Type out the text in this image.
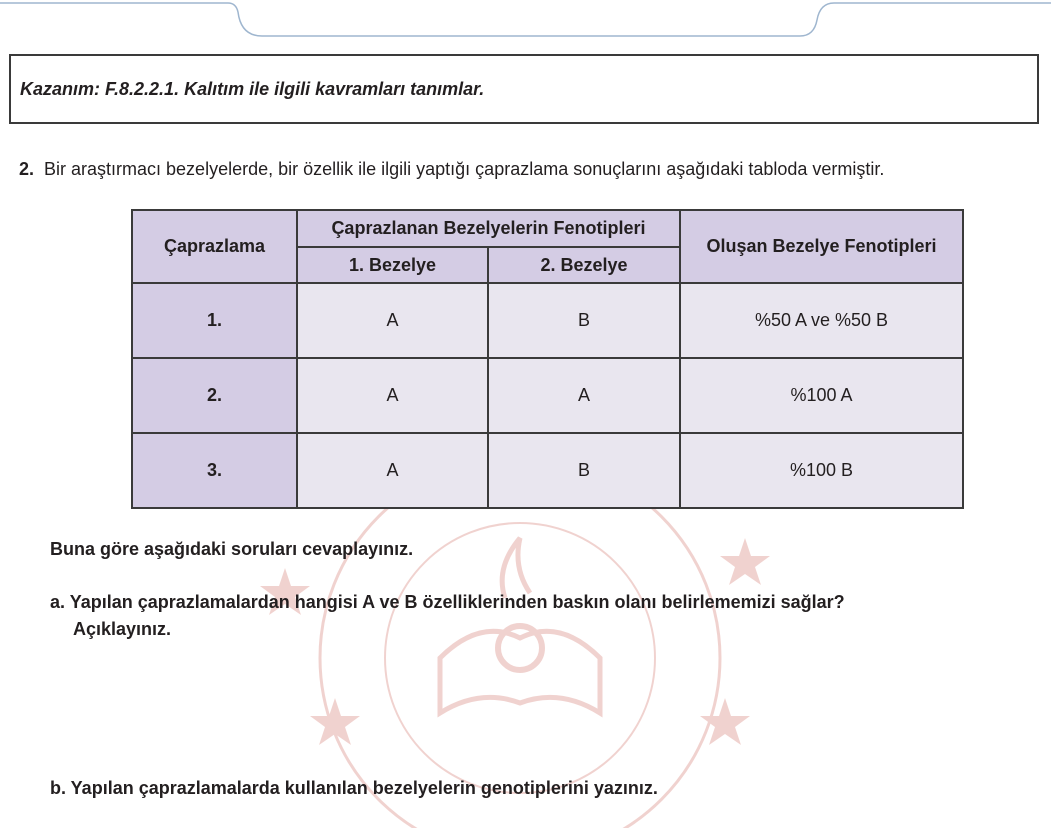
Kazanım: F.8.2.2.1. Kalıtım ile ilgili kavramları tanımlar.
2. Bir araştırmacı bezelyelerde, bir özellik ile ilgili yaptığı çaprazlama sonuçlarını aşağıdaki tabloda vermiştir.
Çaprazlama	Çaprazlanan Bezelyelerin Fenotipleri		Oluşan Bezelye Fenotipleri
	1. Bezelye	2. Bezelye	
1.	A	B	%50 A ve %50 B
2.	A	A	%100 A
3.	A	B	%100 B
Buna göre aşağıdaki soruları cevaplayınız.
a. Yapılan çaprazlamalardan hangisi A ve B özelliklerinden baskın olanı belirlememizi sağlar?
Açıklayınız.
b. Yapılan çaprazlamalarda kullanılan bezelyelerin genotiplerini yazınız.
